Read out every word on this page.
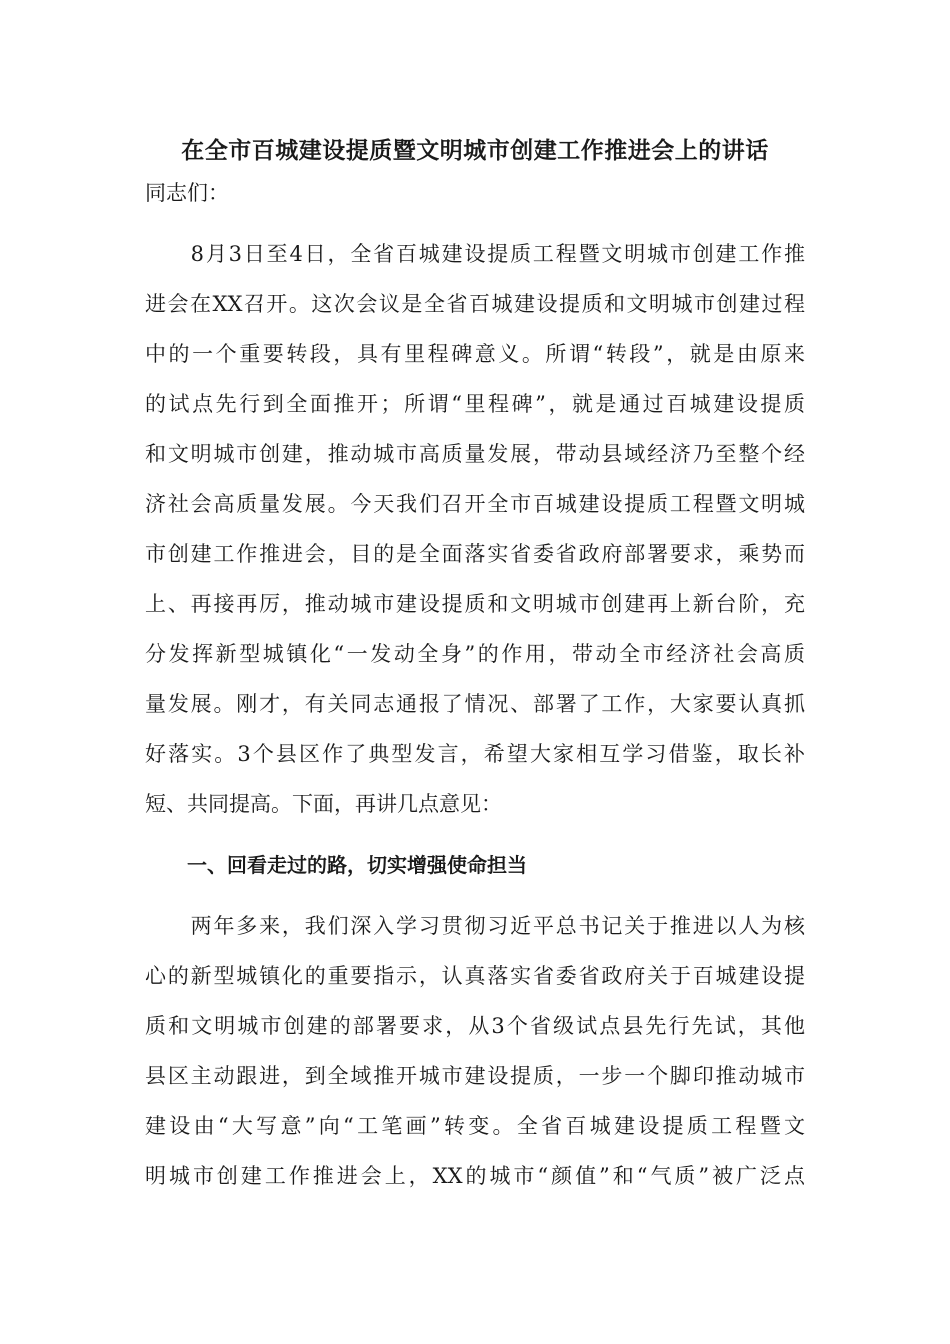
在全市百城建设提质暨文明城市创建工作推进会上的讲话
同志们：
　　8月3日至4日，全省百城建设提质工程暨文明城市创建工作推
进会在XX召开。这次会议是全省百城建设提质和文明城市创建过程
中的一个重要转段，具有里程碑意义。所谓“转段”，就是由原来
的试点先行到全面推开；所谓“里程碑”，就是通过百城建设提质
和文明城市创建，推动城市高质量发展，带动县域经济乃至整个经
济社会高质量发展。今天我们召开全市百城建设提质工程暨文明城
市创建工作推进会，目的是全面落实省委省政府部署要求，乘势而
上、再接再厉，推动城市建设提质和文明城市创建再上新台阶，充
分发挥新型城镇化“一发动全身”的作用，带动全市经济社会高质
量发展。刚才，有关同志通报了情况、部署了工作，大家要认真抓
好落实。3个县区作了典型发言，希望大家相互学习借鉴，取长补
短、共同提高。下面，再讲几点意见：
一、回看走过的路，切实增强使命担当
　　两年多来，我们深入学习贯彻习近平总书记关于推进以人为核
心的新型城镇化的重要指示，认真落实省委省政府关于百城建设提
质和文明城市创建的部署要求，从3个省级试点县先行先试，其他
县区主动跟进，到全域推开城市建设提质，一步一个脚印推动城市
建设由“大写意”向“工笔画”转变。全省百城建设提质工程暨文
明城市创建工作推进会上，XX的城市“颜值”和“气质”被广泛点
